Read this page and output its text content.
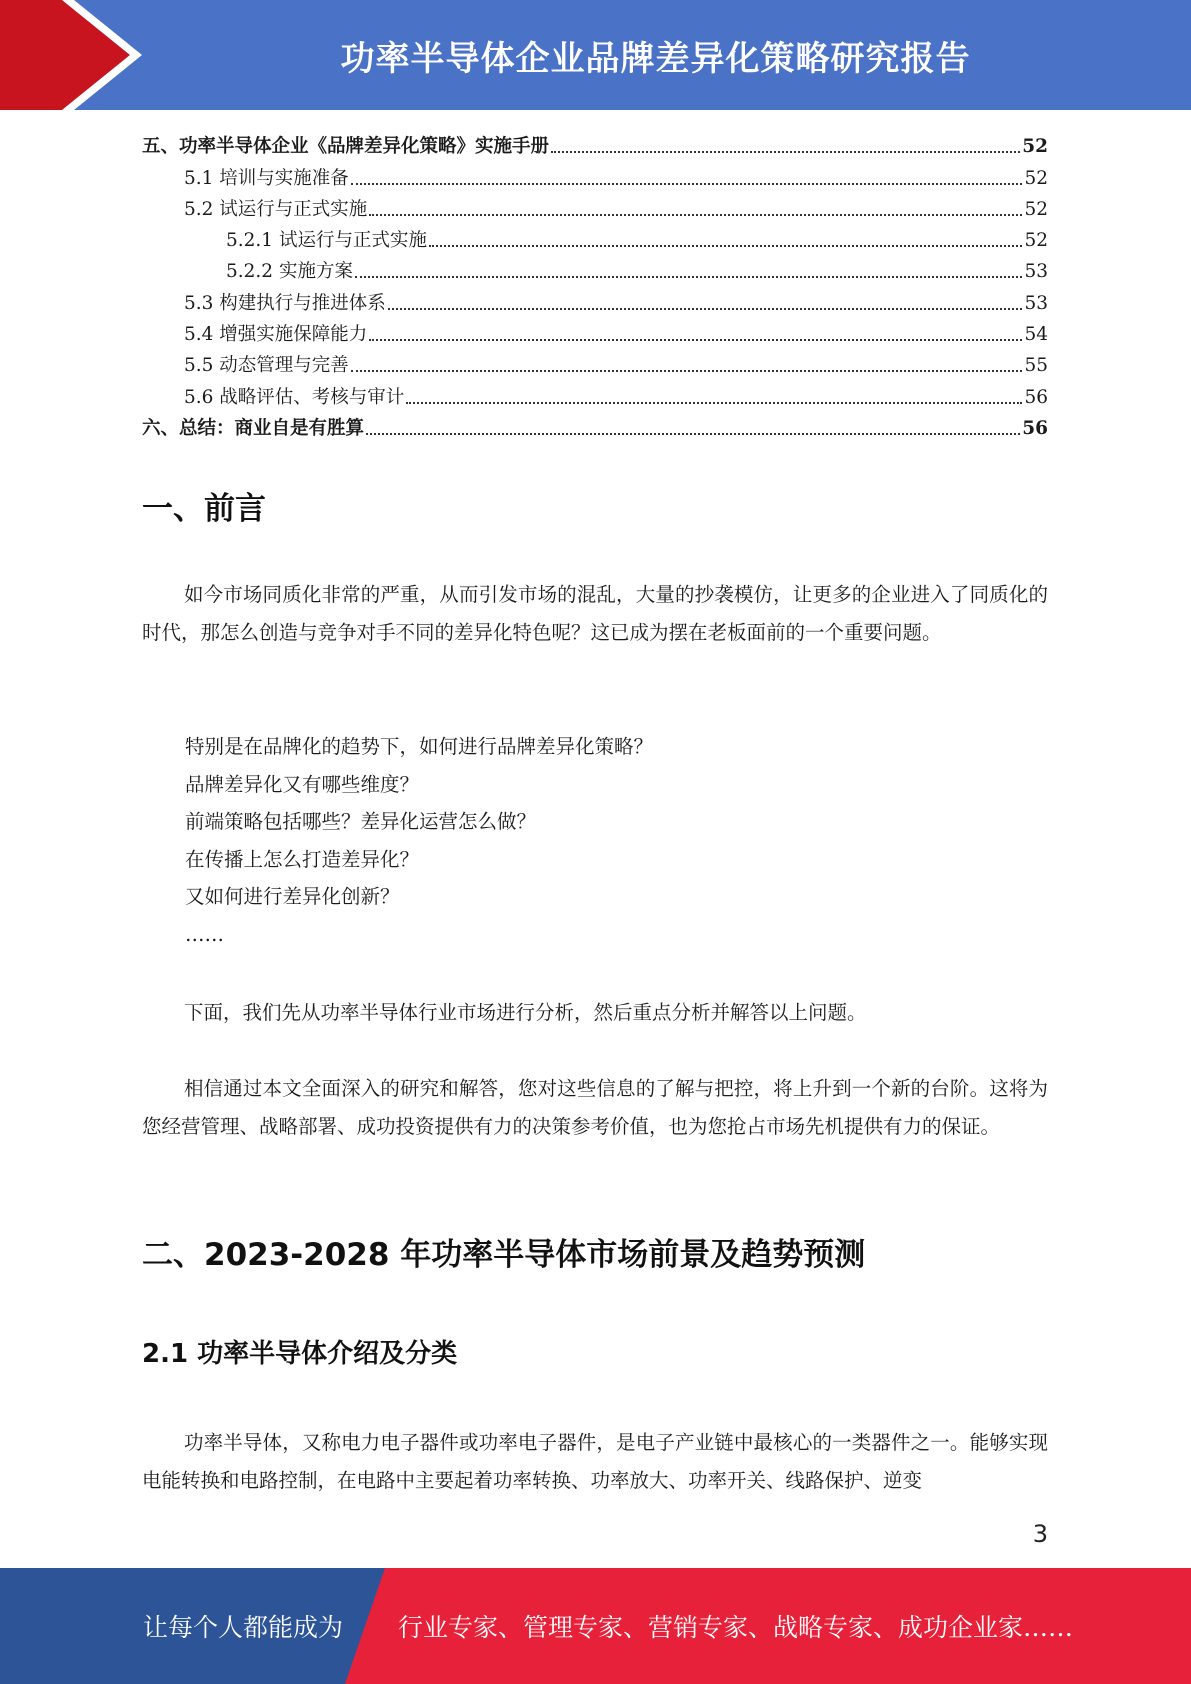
功率半导体企业品牌差异化策略研究报告
五、功率半导体企业《品牌差异化策略》实施手册	52
5.1 培训与实施准备	52
5.2 试运行与正式实施	52
5.2.1 试运行与正式实施	52
5.2.2 实施方案	53
5.3 构建执行与推进体系	53
5.4 增强实施保障能力	54
5.5 动态管理与完善	55
5.6 战略评估、考核与审计	56
六、总结：商业自是有胜算	56
一、前言

如今市场同质化非常的严重，从而引发市场的混乱，大量的抄袭模仿，让更多的企业进入了同质化的时代，那怎么创造与竞争对手不同的差异化特色呢？这已成为摆在老板面前的一个重要问题。

特别是在品牌化的趋势下，如何进行品牌差异化策略？
品牌差异化又有哪些维度？
前端策略包括哪些？差异化运营怎么做？
在传播上怎么打造差异化？
又如何进行差异化创新？
……

下面，我们先从功率半导体行业市场进行分析，然后重点分析并解答以上问题。

相信通过本文全面深入的研究和解答，您对这些信息的了解与把控，将上升到一个新的台阶。这将为您经营管理、战略部署、成功投资提供有力的决策参考价值，也为您抢占市场先机提供有力的保证。

二、2023-2028 年功率半导体市场前景及趋势预测
2.1 功率半导体介绍及分类

功率半导体，又称电力电子器件或功率电子器件，是电子产业链中最核心的一类器件之一。能够实现电能转换和电路控制，在电路中主要起着功率转换、功率放大、功率开关、线路保护、逆变

3
让每个人都能成为 行业专家、管理专家、营销专家、战略专家、成功企业家……
